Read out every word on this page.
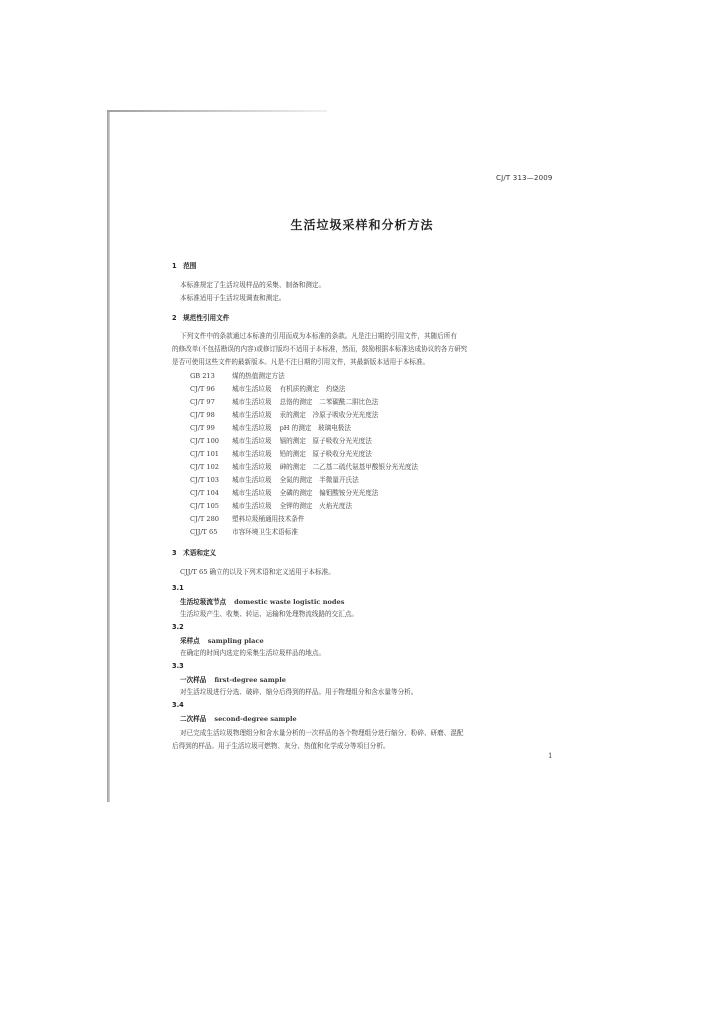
CJ/T 313—2009
生活垃圾采样和分析方法
1　范围
本标准规定了生活垃圾样品的采集、制备和测定。
本标准适用于生活垃圾调查和测定。
2　规范性引用文件
下列文件中的条款通过本标准的引用而成为本标准的条款。凡是注日期的引用文件，其随后所有
的修改单(不包括勘误的内容)或修订版均不适用于本标准，然而，鼓励根据本标准达成协议的各方研究
是否可使用这些文件的最新版本。凡是不注日期的引用文件，其最新版本适用于本标准。
GB 213	煤的热值测定方法
CJ/T 96	城市生活垃圾 有机质的测定　灼烧法
CJ/T 97	城市生活垃圾 总铬的测定　二苯碳酰二肼比色法
CJ/T 98	城市生活垃圾 汞的测定　冷原子吸收分光光度法
CJ/T 99	城市生活垃圾 pH 的测定　玻璃电极法
CJ/T 100 城市生活垃圾 镉的测定　原子吸收分光光度法
CJ/T 101 城市生活垃圾 铅的测定　原子吸收分光光度法
CJ/T 102 城市生活垃圾 砷的测定　二乙基二硫代氨基甲酸银分光光度法
CJ/T 103 城市生活垃圾 全氮的测定　半微量开氏法
CJ/T 104 城市生活垃圾 全磷的测定　偏钼酸铵分光光度法
CJ/T 105 城市生活垃圾 全钾的测定　火焰光度法
CJ/T 280 塑料垃圾桶通用技术条件
CJJ/T 65 市容环境卫生术语标准
3　术语和定义
CJJ/T 65 确立的以及下列术语和定义适用于本标准。
3.1
生活垃圾流节点 domestic waste logistic nodes
生活垃圾产生、收集、转运、运输和处理物流线路的交汇点。
3.2
采样点 sampling place
在确定的时间内选定的采集生活垃圾样品的地点。
3.3
一次样品 first-degree sample
对生活垃圾进行分选、破碎、缩分后得到的样品。用于物理组分和含水量等分析。
3.4
二次样品 second-degree sample
对已完成生活垃圾物理组分和含水量分析的一次样品的各个物理组分进行缩分、粉碎、研磨、混配
后得到的样品。用于生活垃圾可燃物、灰分、热值和化学成分等项目分析。
1
